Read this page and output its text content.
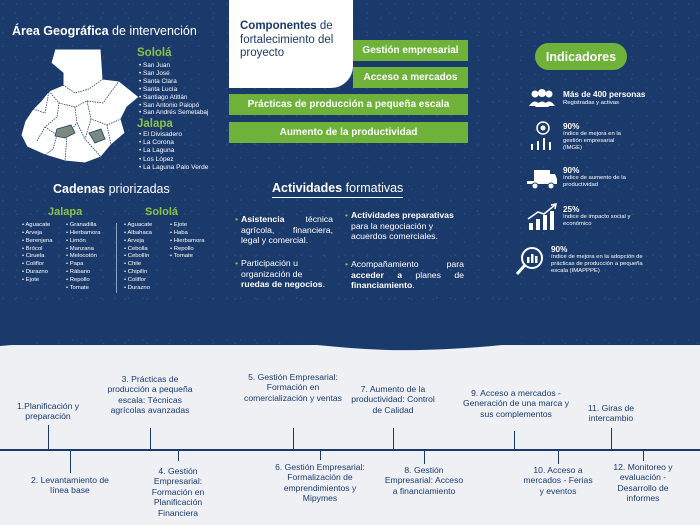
Área Geográfica de intervención
Sololá
• San Juan
• San José
• Santa Clara
• Santa Lucía
• Santiago Atitlán
• San Antonio Palopó
• San Andrés Semetabaj
Jalapa
• El Divisadero
• La Corona
• La Laguna
• Los López
• La Laguna Palo Verde
Cadenas priorizadas
Jalapa
• Aguacate
• Arveja
• Berenjena
• Brócol
• Ciruela
• Coliflor
• Durazno
• Ejote
• Granadilla
• Hierbamora
• Limón
• Manzana
• Melocotón
• Papa
• Rábano
• Repollo
• Tomate
Sololá
• Aguacate
• Albahaca
• Arveja
• Cebolla
• Cebollín
• Chile
• Chipilín
• Coliflor
• Durazno
• Ejote
• Haba
• Hierbamora
• Repollo
• Tomate
Componentes de fortalecimiento del proyecto	Gestión empresarial
Acceso a mercados
Prácticas de producción a pequeña escala
Aumento de la productividad
Actividades formativas
• Asistencia técnica agrícola, financiera, legal y comercial.
• Participación u organización de ruedas de negocios.
•
• Actividades preparativas para la negociación y acuerdos comerciales.
• Acompañamiento para acceder a planes de financiamiento.
•
Indicadores
Más de 400 personas
Registradas y activas
90%
índice de mejora en la gestión empresarial (IMGE)
90%
índice de aumento de la productividad
25%
índice de impacto social y económico
90%
índice de mejora en la adopción de prácticas de producción a pequeña escala (IMAPPPE)
1.Planificación y preparación
2. Levantamiento de línea base
3. Prácticas de producción a pequeña escala: Técnicas agrícolas avanzadas
4. Gestión Empresarial: Formación en Planificación Financiera
5. Gestión Empresarial: Formación en comercialización y ventas
6. Gestión Empresarial: Formalización de emprendimientos y Mipymes
7. Aumento de la productividad: Control de Calidad
8. Gestión Empresarial: Acceso a financiamiento
9. Acceso a mercados - Generación de una marca y sus complementos
10. Acceso a mercados - Ferias y eventos
11. Giras de intercambio
12. Monitoreo y evaluación - Desarrollo de informes
